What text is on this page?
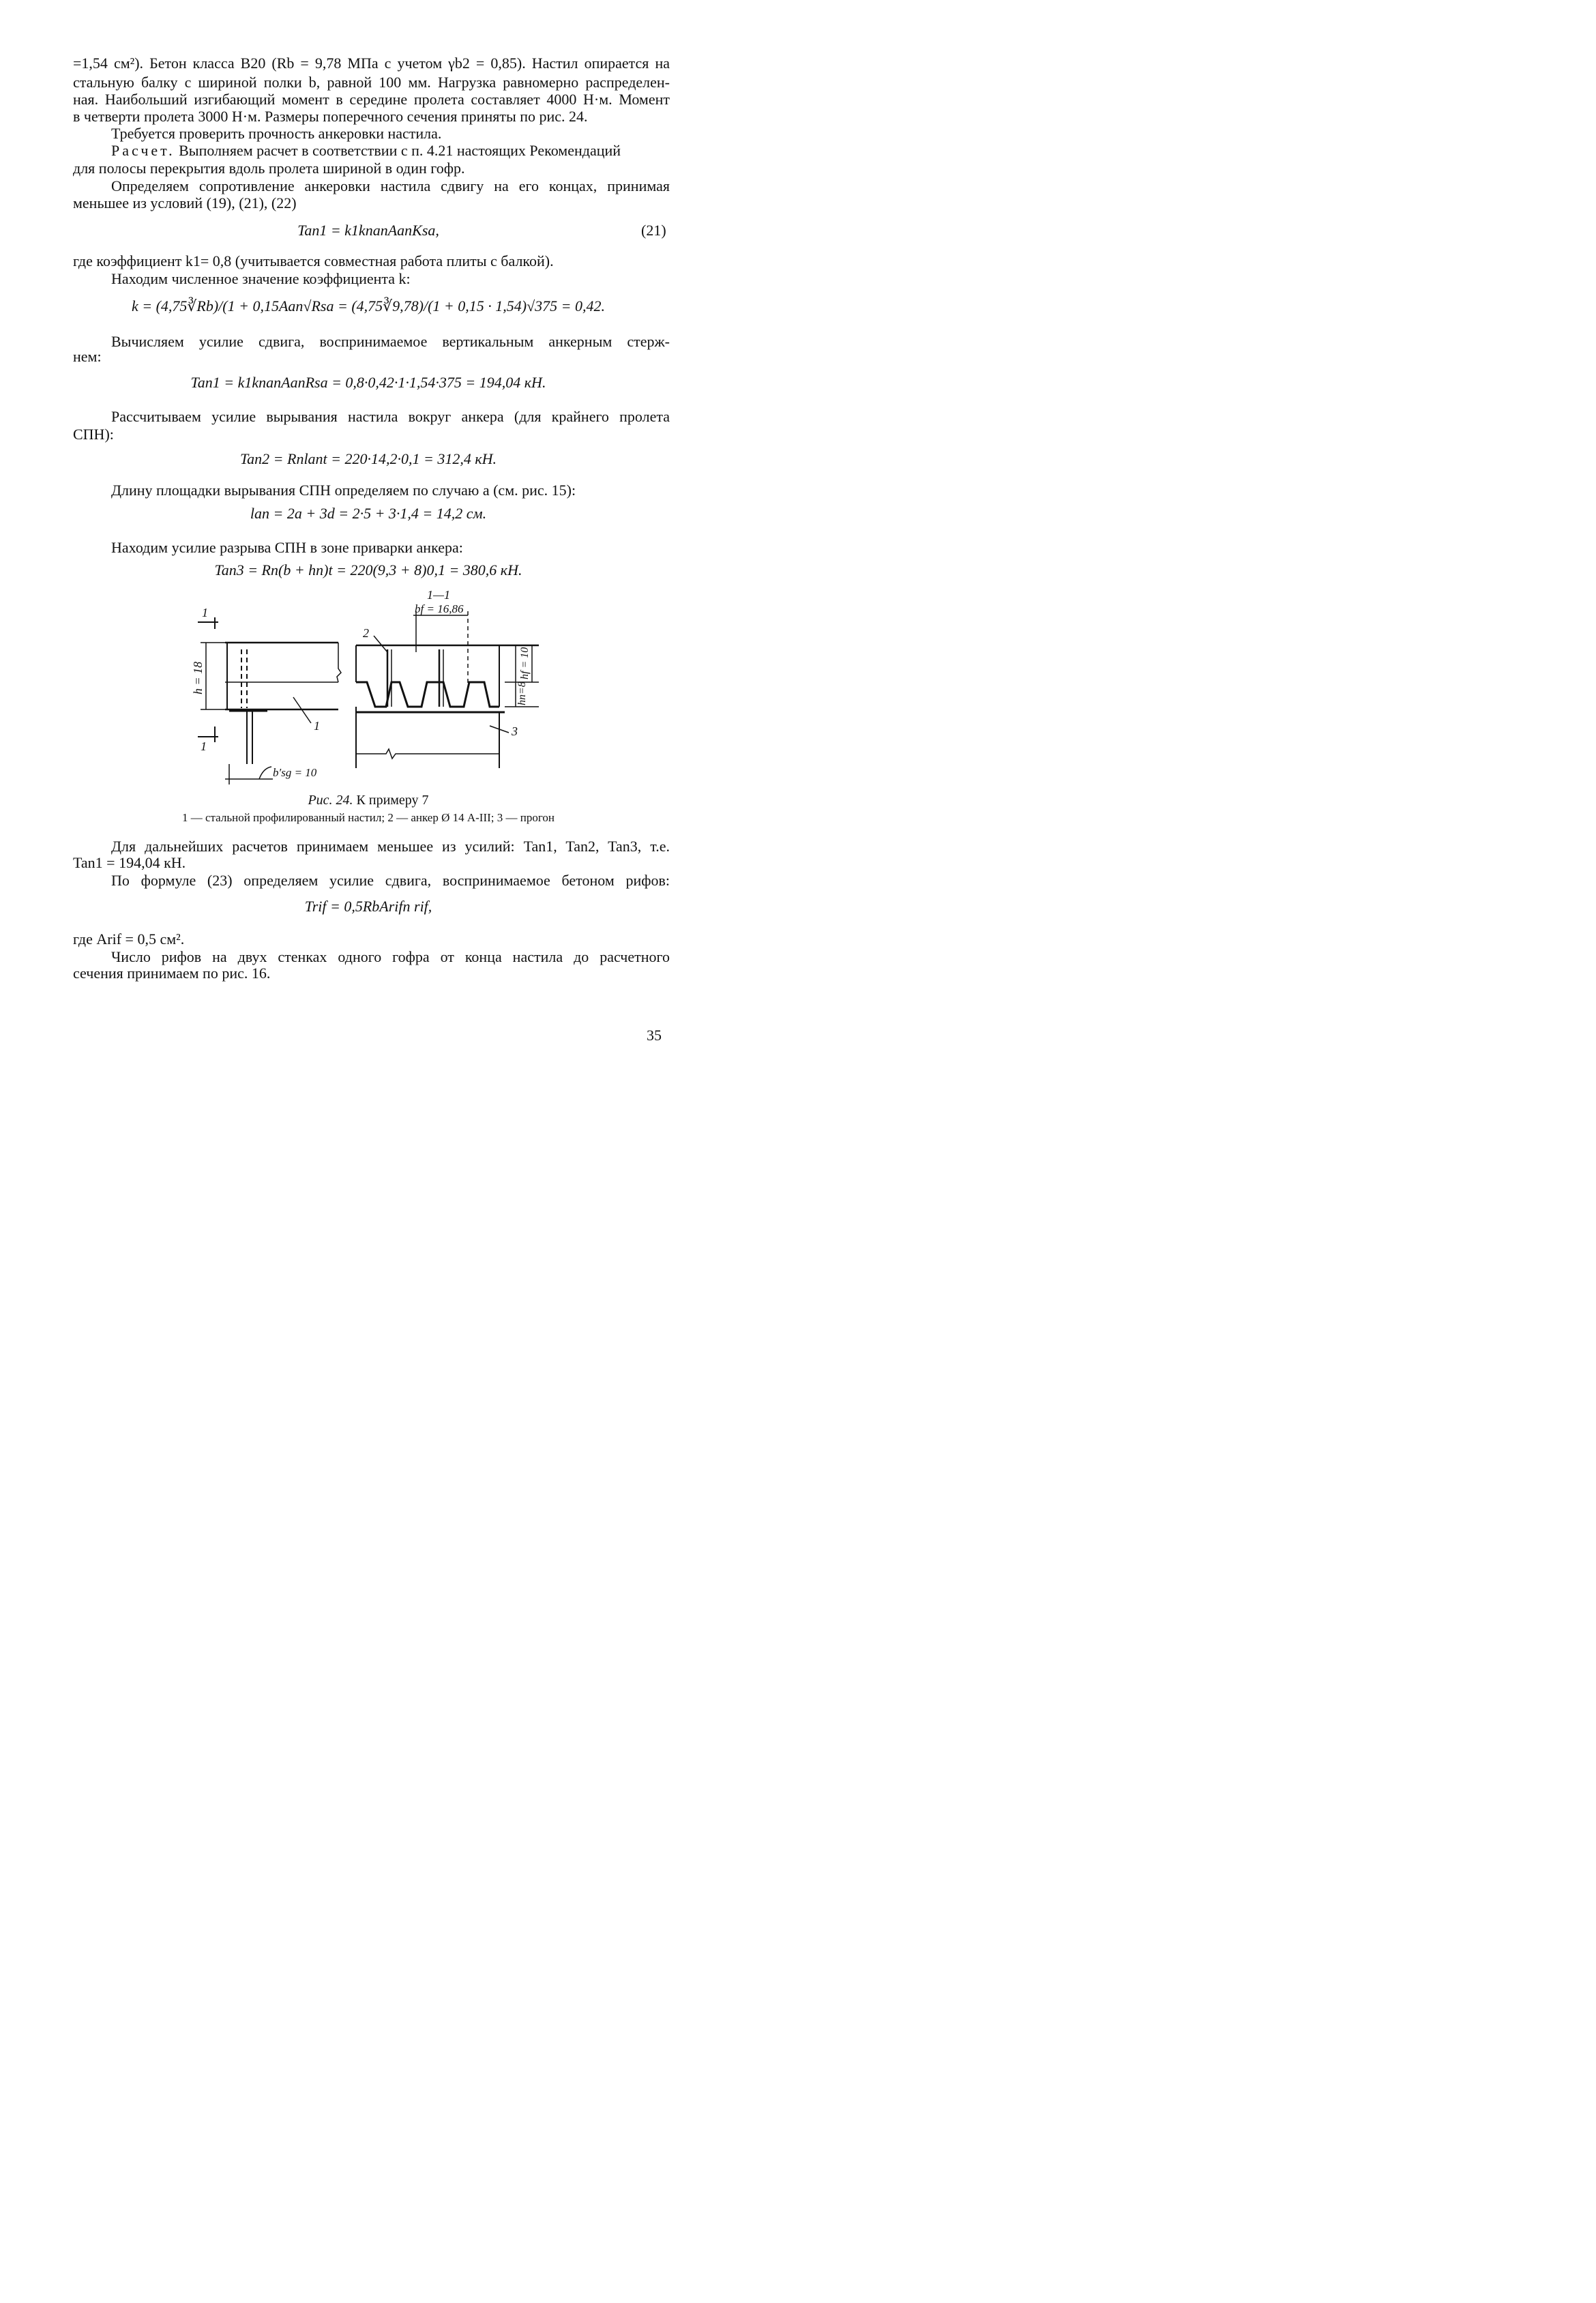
=1,54 см²). Бетон класса В20 (Rb = 9,78 МПа с учетом γb2 = 0,85). Настил опирается на
стальную балку с шириной полки b, равной 100 мм. Нагрузка равномерно распределен-
ная. Наибольший изгибающий момент в середине пролета составляет 4000 Н·м. Момент
в четверти пролета 3000 Н·м. Размеры поперечного сечения приняты по рис. 24.
Требуется проверить прочность анкеровки настила.
Расчет. Выполняем расчет в соответствии с п. 4.21 настоящих Рекомендаций
для полосы перекрытия вдоль пролета шириной в один гофр.
Определяем сопротивление анкеровки настила сдвигу на его концах, принимая
меньшее из условий (19), (21), (22)
Tan1 = k1knanAanKsa,	(21)
где коэффициент k1= 0,8 (учитывается совместная работа плиты с балкой).
Находим численное значение коэффициента k:
k = (4,75∛Rb)/(1 + 0,15Aan√Rsa = (4,75∛9,78)/(1 + 0,15 · 1,54)√375 = 0,42.
Вычисляем усилие сдвига, воспринимаемое вертикальным анкерным стерж-
нем:
Tan1 = k1knanAanRsa = 0,8·0,42·1·1,54·375 = 194,04 кН.
Рассчитываем усилие вырывания настила вокруг анкера (для крайнего пролета
СПН):
Tan2 = Rnlant = 220·14,2·0,1 = 312,4 кН.
Длину площадки вырывания СПН определяем по случаю a (см. рис. 15):
lan = 2a + 3d = 2·5 + 3·1,4 = 14,2 см.
Находим усилие разрыва СПН в зоне приварки анкера:
Tan3 = Rn(b + hn)t = 220(9,3 + 8)0,1 = 380,6 кН.
1
1
h = 18
1
b′sg = 10
1—1
bf = 16,86
2
3
hn=8
hf = 10
Рис. 24. К примеру 7
1 — стальной профилированный настил; 2 — анкер Ø 14 А-III; 3 — прогон
Для дальнейших расчетов принимаем меньшее из усилий: Tan1, Tan2, Tan3, т.е.
Tan1 = 194,04 кН.
По формуле (23) определяем усилие сдвига, воспринимаемое бетоном рифов:
Trif = 0,5RbArifn rif,
где Arif = 0,5 см².
Число рифов на двух стенках одного гофра от конца настила до расчетного
сечения принимаем по рис. 16.
35
